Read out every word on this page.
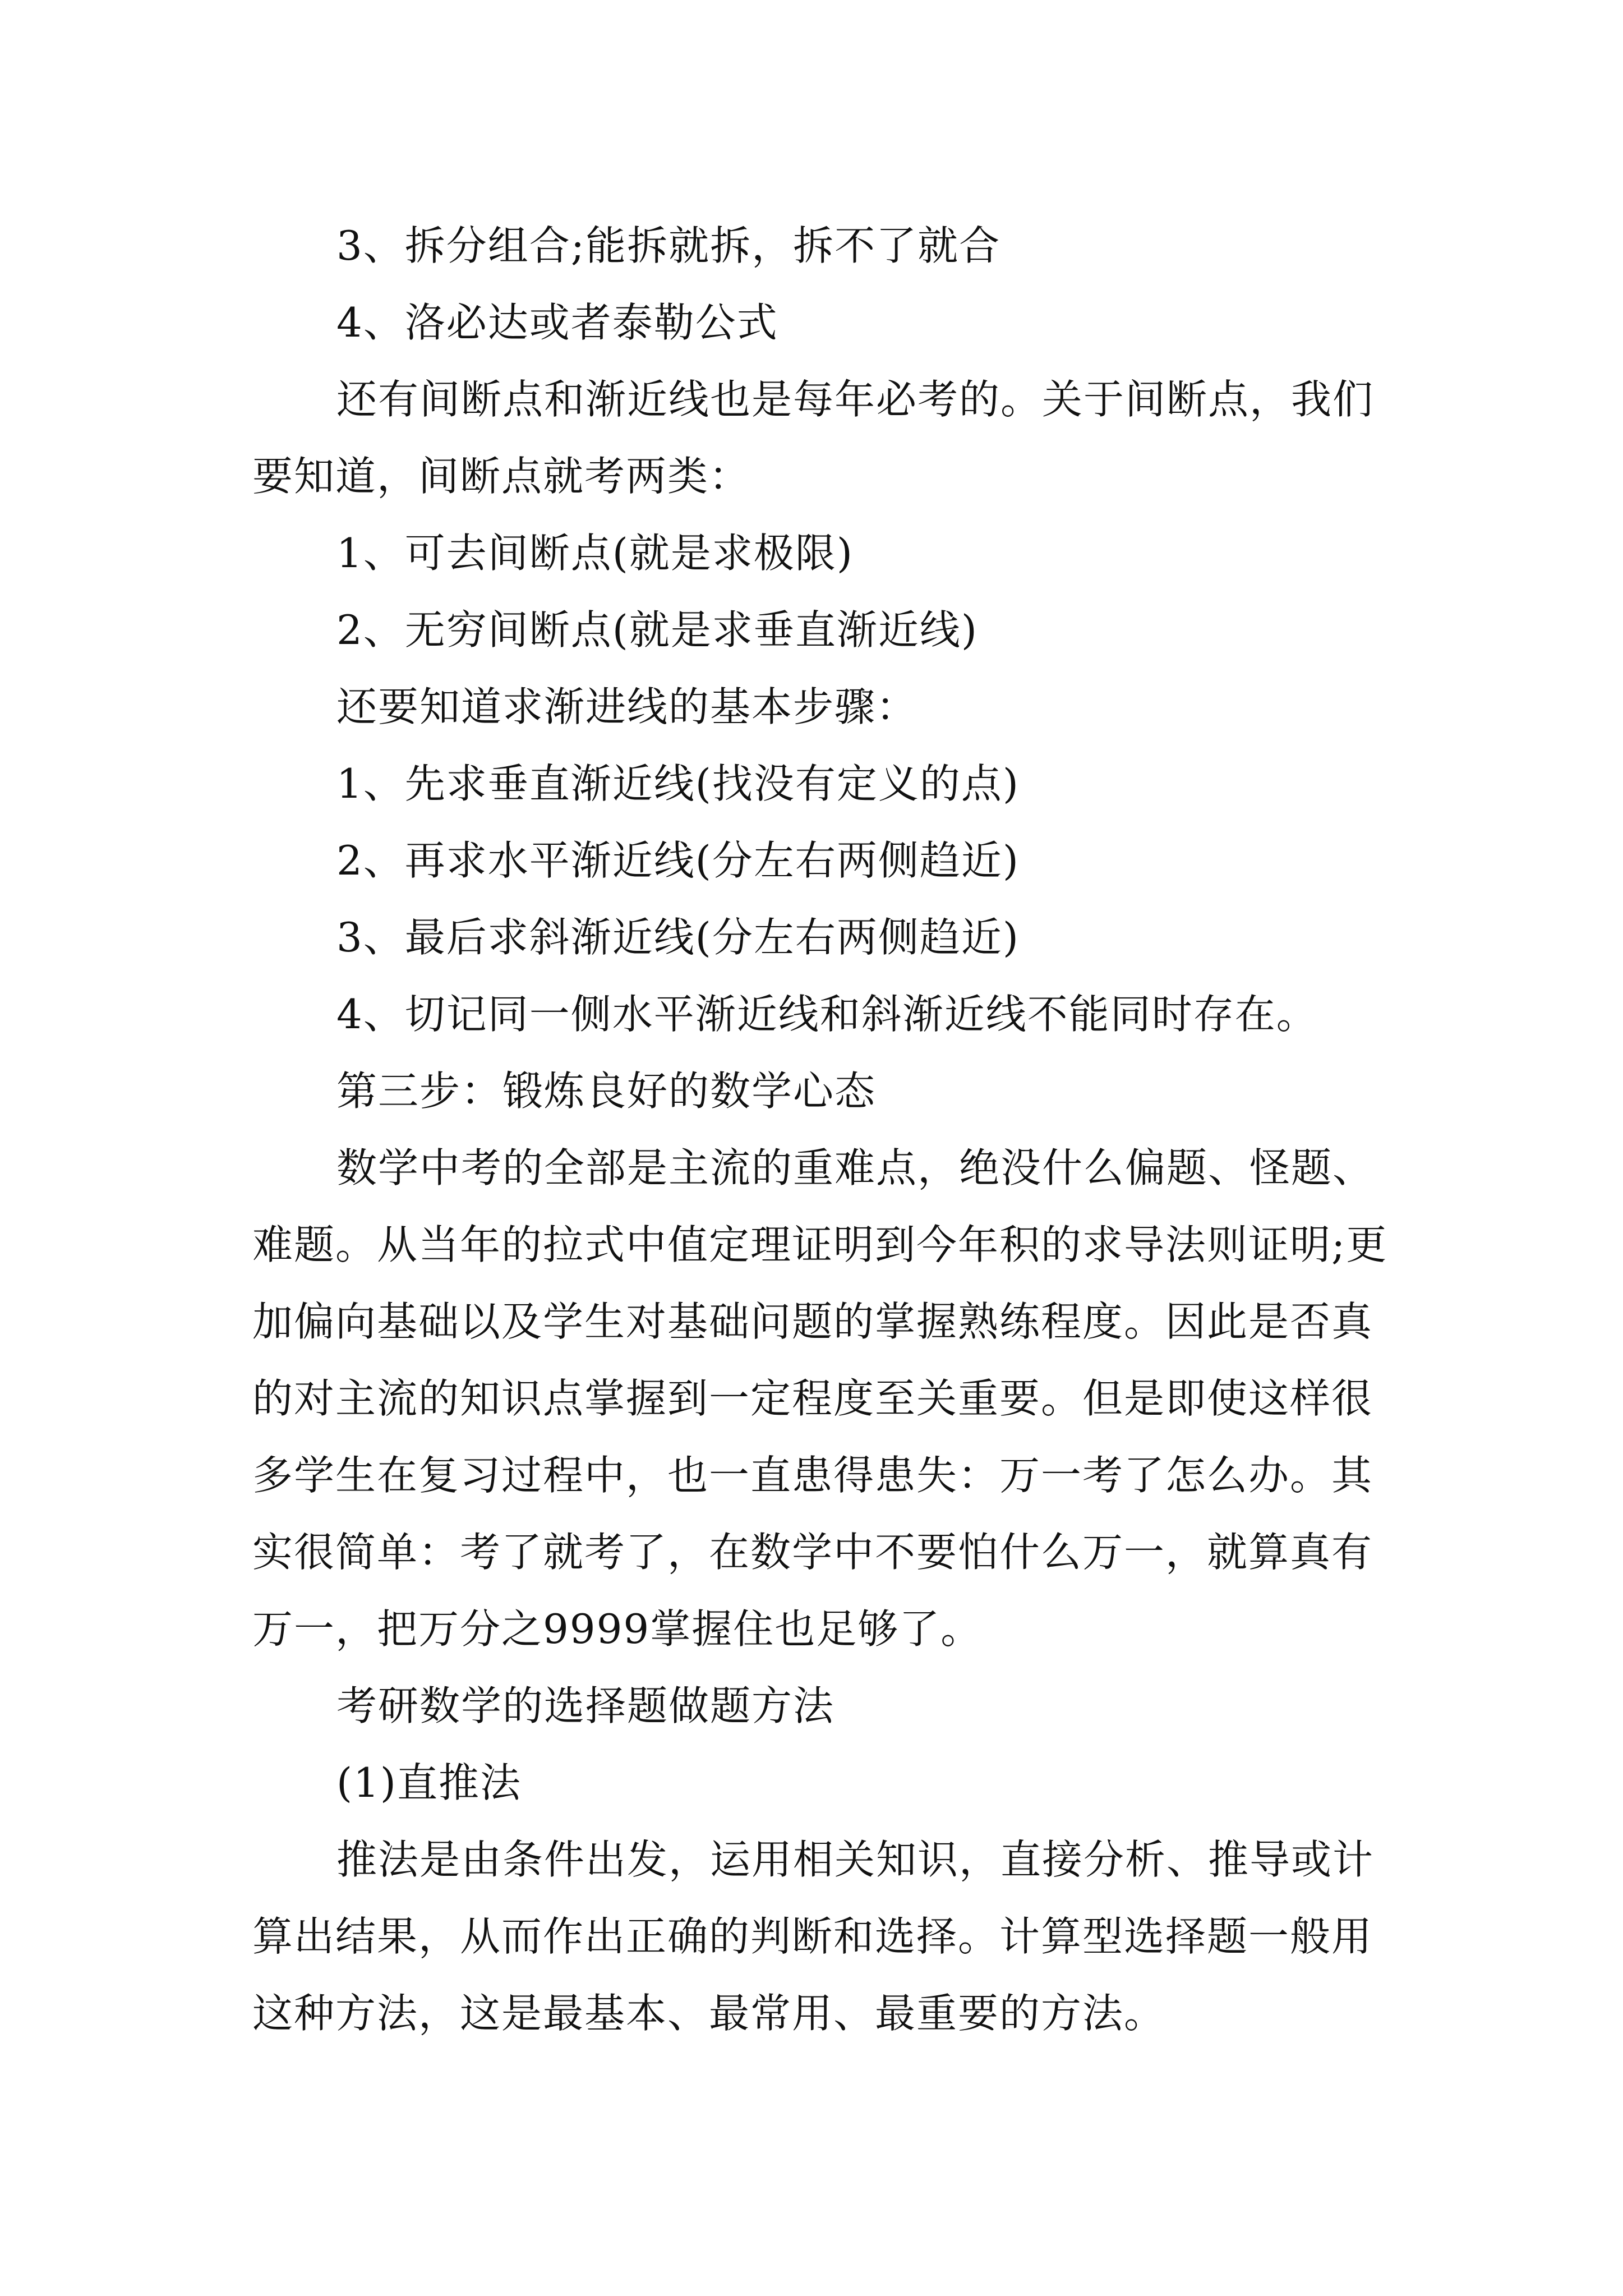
3、拆分组合;能拆就拆，拆不了就合

4、洛必达或者泰勒公式

还有间断点和渐近线也是每年必考的。关于间断点，我们要知道，间断点就考两类：

1、可去间断点(就是求极限)

2、无穷间断点(就是求垂直渐近线)

还要知道求渐进线的基本步骤：

1、先求垂直渐近线(找没有定义的点)

2、再求水平渐近线(分左右两侧趋近)

3、最后求斜渐近线(分左右两侧趋近)

4、切记同一侧水平渐近线和斜渐近线不能同时存在。

第三步：锻炼良好的数学心态

数学中考的全部是主流的重难点，绝没什么偏题、怪题、难题。从当年的拉式中值定理证明到今年积的求导法则证明;更加偏向基础以及学生对基础问题的掌握熟练程度。因此是否真的对主流的知识点掌握到一定程度至关重要。但是即使这样很多学生在复习过程中，也一直患得患失：万一考了怎么办。其实很简单：考了就考了，在数学中不要怕什么万一，就算真有万一，把万分之9999掌握住也足够了。

考研数学的选择题做题方法

(1)直推法

推法是由条件出发，运用相关知识，直接分析、推导或计算出结果，从而作出正确的判断和选择。计算型选择题一般用这种方法，这是最基本、最常用、最重要的方法。
